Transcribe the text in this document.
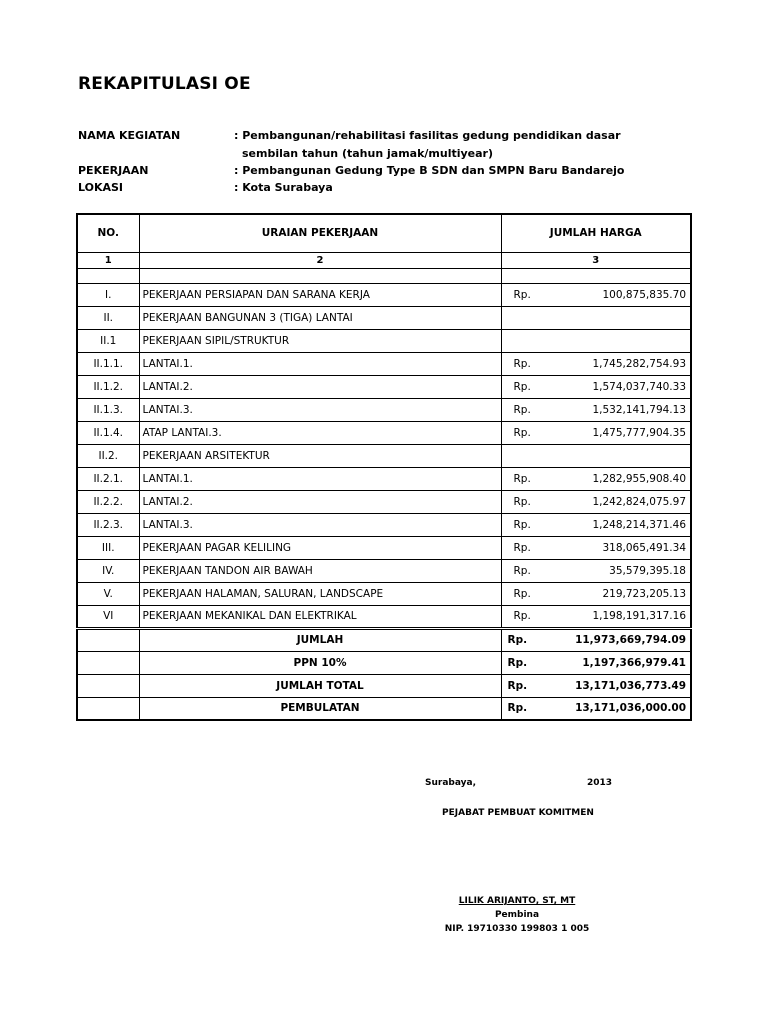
REKAPITULASI OE
NAMA KEGIATAN	: Pembangunan/rehabilitasi fasilitas gedung pendidikan dasar
sembilan tahun (tahun jamak/multiyear)
PEKERJAAN	: Pembangunan Gedung Type B SDN dan SMPN Baru Bandarejo
LOKASI	: Kota Surabaya
NO.	URAIAN PEKERJAAN	JUMLAH HARGA	
1	2	3	

I.	PEKERJAAN PERSIAPAN DAN SARANA KERJA	Rp.	100,875,835.70
II.	PEKERJAAN BANGUNAN 3 (TIGA) LANTAI		
II.1	PEKERJAAN SIPIL/STRUKTUR		
II.1.1.	LANTAI.1.	Rp.	1,745,282,754.93
II.1.2.	LANTAI.2.	Rp.	1,574,037,740.33
II.1.3.	LANTAI.3.	Rp.	1,532,141,794.13
II.1.4.	ATAP LANTAI.3.	Rp.	1,475,777,904.35
II.2.	PEKERJAAN ARSITEKTUR		
II.2.1.	LANTAI.1.	Rp.	1,282,955,908.40
II.2.2.	LANTAI.2.	Rp.	1,242,824,075.97
II.2.3.	LANTAI.3.	Rp.	1,248,214,371.46
III.	PEKERJAAN PAGAR KELILING	Rp.	318,065,491.34
IV.	PEKERJAAN TANDON AIR BAWAH	Rp.	35,579,395.18
V.	PEKERJAAN HALAMAN, SALURAN, LANDSCAPE	Rp.	219,723,205.13
VI	PEKERJAAN MEKANIKAL DAN ELEKTRIKAL	Rp.	1,198,191,317.16
	JUMLAH	Rp.	11,973,669,794.09
	PPN 10%	Rp.	1,197,366,979.41
	JUMLAH TOTAL	Rp.	13,171,036,773.49
	PEMBULATAN	Rp.	13,171,036,000.00
Surabaya,	2013
PEJABAT PEMBUAT KOMITMEN
LILIK ARIJANTO, ST, MT
Pembina
NIP. 19710330 199803 1 005
